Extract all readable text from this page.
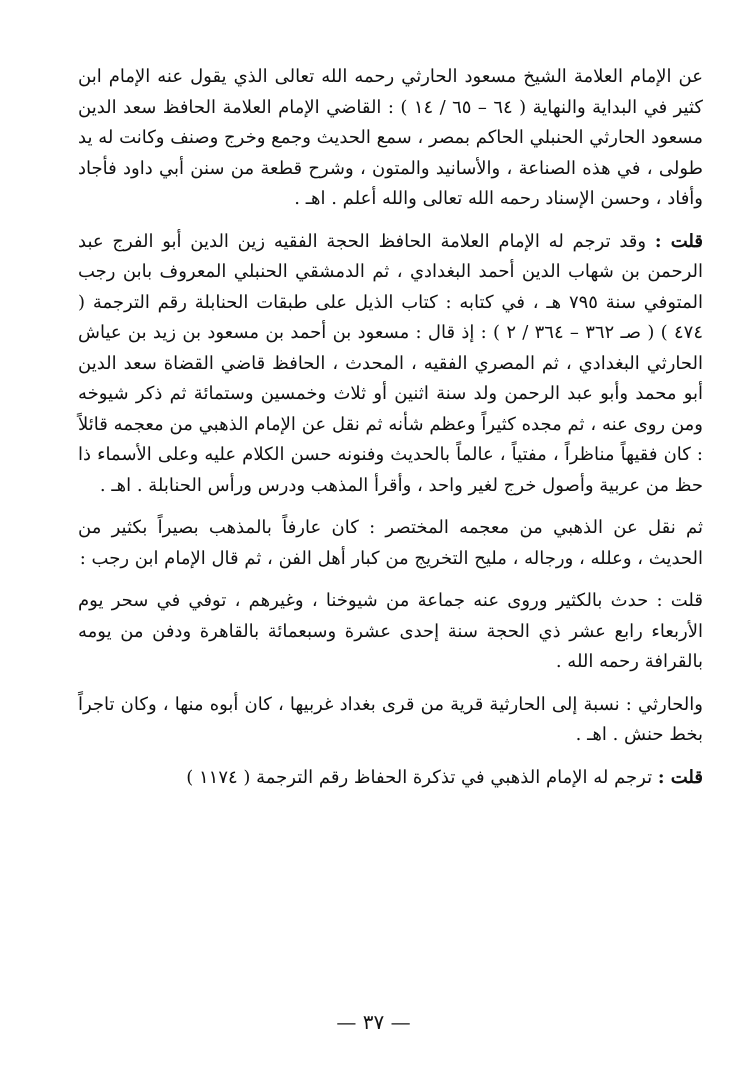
عن الإمام العلامة الشيخ مسعود الحارثي رحمه الله تعالى الذي يقول عنه الإمام ابن كثير في البداية والنهاية ( ٦٤ – ٦٥ / ١٤ ) : القاضي الإمام العلامة الحافظ سعد الدين مسعود الحارثي الحنبلي الحاكم بمصر ، سمع الحديث وجمع وخرج وصنف وكانت له يد طولى ، في هذه الصناعة ، والأسانيد والمتون ، وشرح قطعة من سنن أبي داود فأجاد وأفاد ، وحسن الإسناد رحمه الله تعالى والله أعلم . اهـ .

قلت : وقد ترجم له الإمام العلامة الحافظ الحجة الفقيه زين الدين أبو الفرج عبد الرحمن بن شهاب الدين أحمد البغدادي ، ثم الدمشقي الحنبلي المعروف بابن رجب المتوفي سنة ٧٩٥ هـ ، في كتابه : كتاب الذيل على طبقات الحنابلة رقم الترجمة ( ٤٧٤ ) ( صـ ٣٦٢ – ٣٦٤ / ٢ ) : إذ قال : مسعود بن أحمد بن مسعود بن زيد بن عياش الحارثي البغدادي ، ثم المصري الفقيه ، المحدث ، الحافظ قاضي القضاة سعد الدين أبو محمد وأبو عبد الرحمن ولد سنة اثنين أو ثلاث وخمسين وستمائة ثم ذكر شيوخه ومن روى عنه ، ثم مجده كثيراً وعظم شأنه ثم نقل عن الإمام الذهبي من معجمه قائلاً : كان فقيهاً مناظراً ، مفتياً ، عالماً بالحديث وفنونه حسن الكلام عليه وعلى الأسماء ذا حظ من عربية وأصول خرج لغير واحد ، وأقرأ المذهب ودرس ورأس الحنابلة . اهـ .

ثم نقل عن الذهبي من معجمه المختصر : كان عارفاً بالمذهب بصيراً بكثير من الحديث ، وعلله ، ورجاله ، مليح التخريج من كبار أهل الفن ، ثم قال الإمام ابن رجب :

قلت : حدث بالكثير وروى عنه جماعة من شيوخنا ، وغيرهم ، توفي في سحر يوم الأربعاء رابع عشر ذي الحجة سنة إحدى عشرة وسبعمائة بالقاهرة ودفن من يومه بالقرافة رحمه الله .

والحارثي : نسبة إلى الحارثية قرية من قرى بغداد غربيها ، كان أبوه منها ، وكان تاجراً بخط حنش . اهـ .

قلت : ترجم له الإمام الذهبي في تذكرة الحفاظ رقم الترجمة ( ١١٧٤ )

— ٣٧ —
